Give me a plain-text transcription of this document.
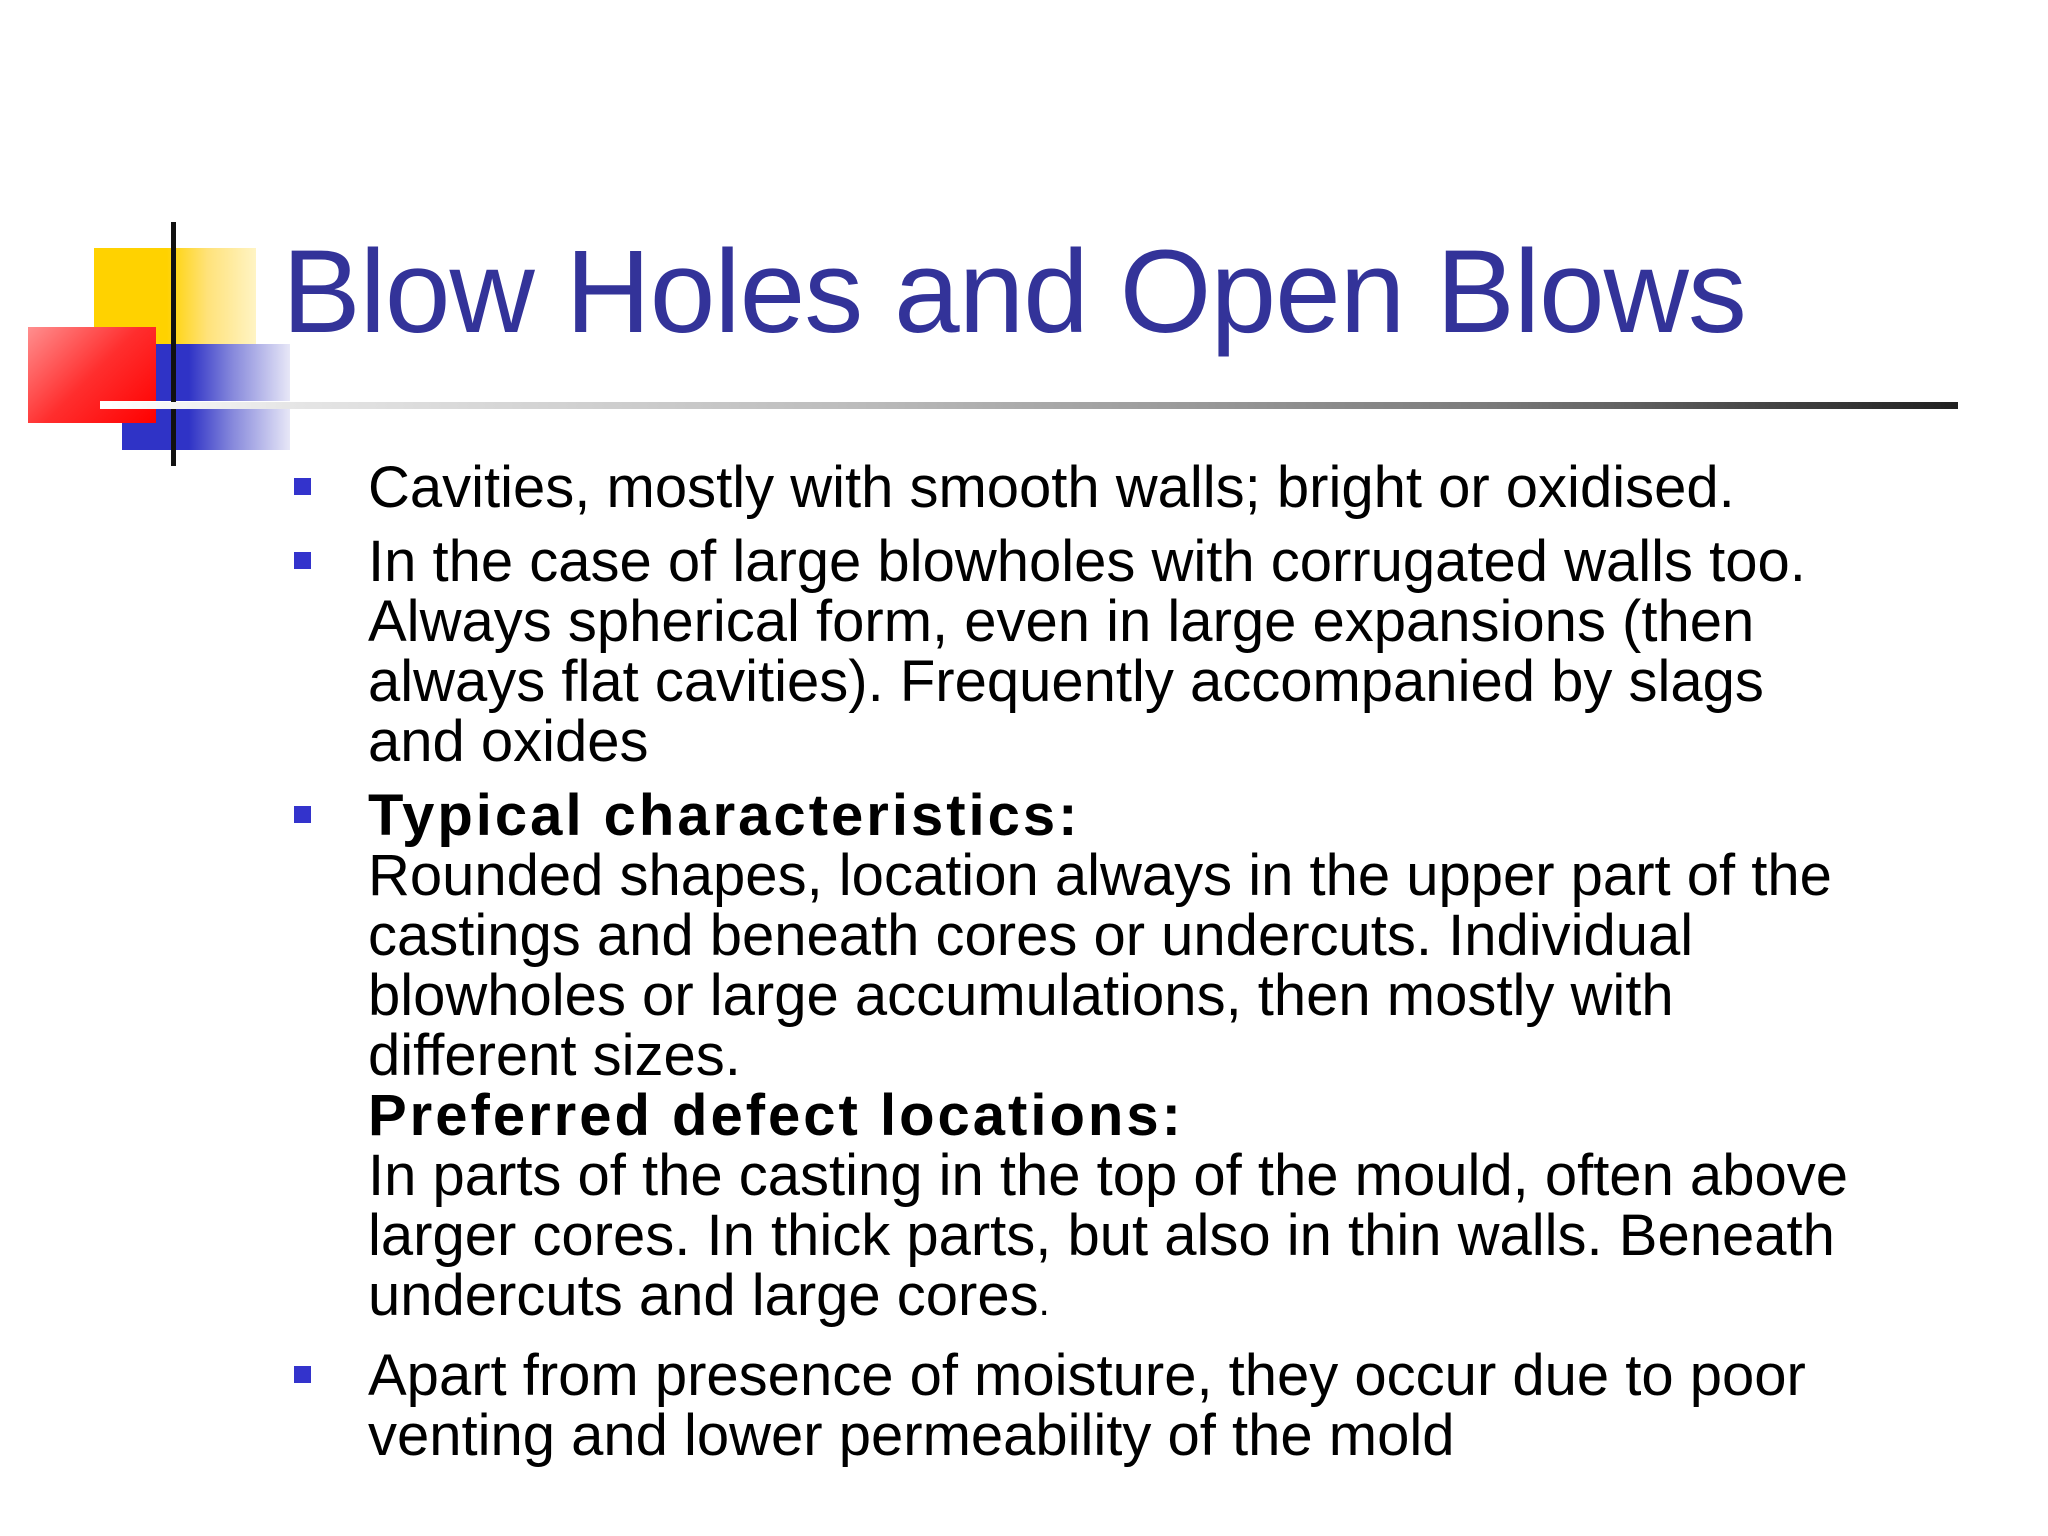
Blow Holes and Open Blows
Cavities, mostly with smooth walls; bright or oxidised.
In the case of large blowholes with corrugated walls too.
Always spherical form, even in large expansions (then
always flat cavities). Frequently accompanied by slags
and oxides
Typical characteristics:
Rounded shapes, location always in the upper part of the
castings and beneath cores or undercuts. Individual
blowholes or large accumulations, then mostly with
different sizes.
Preferred defect locations:
In parts of the casting in the top of the mould, often above
larger cores. In thick parts, but also in thin walls. Beneath
undercuts and large cores.
Apart from presence of moisture, they occur due to poor
venting and lower permeability of the mold
